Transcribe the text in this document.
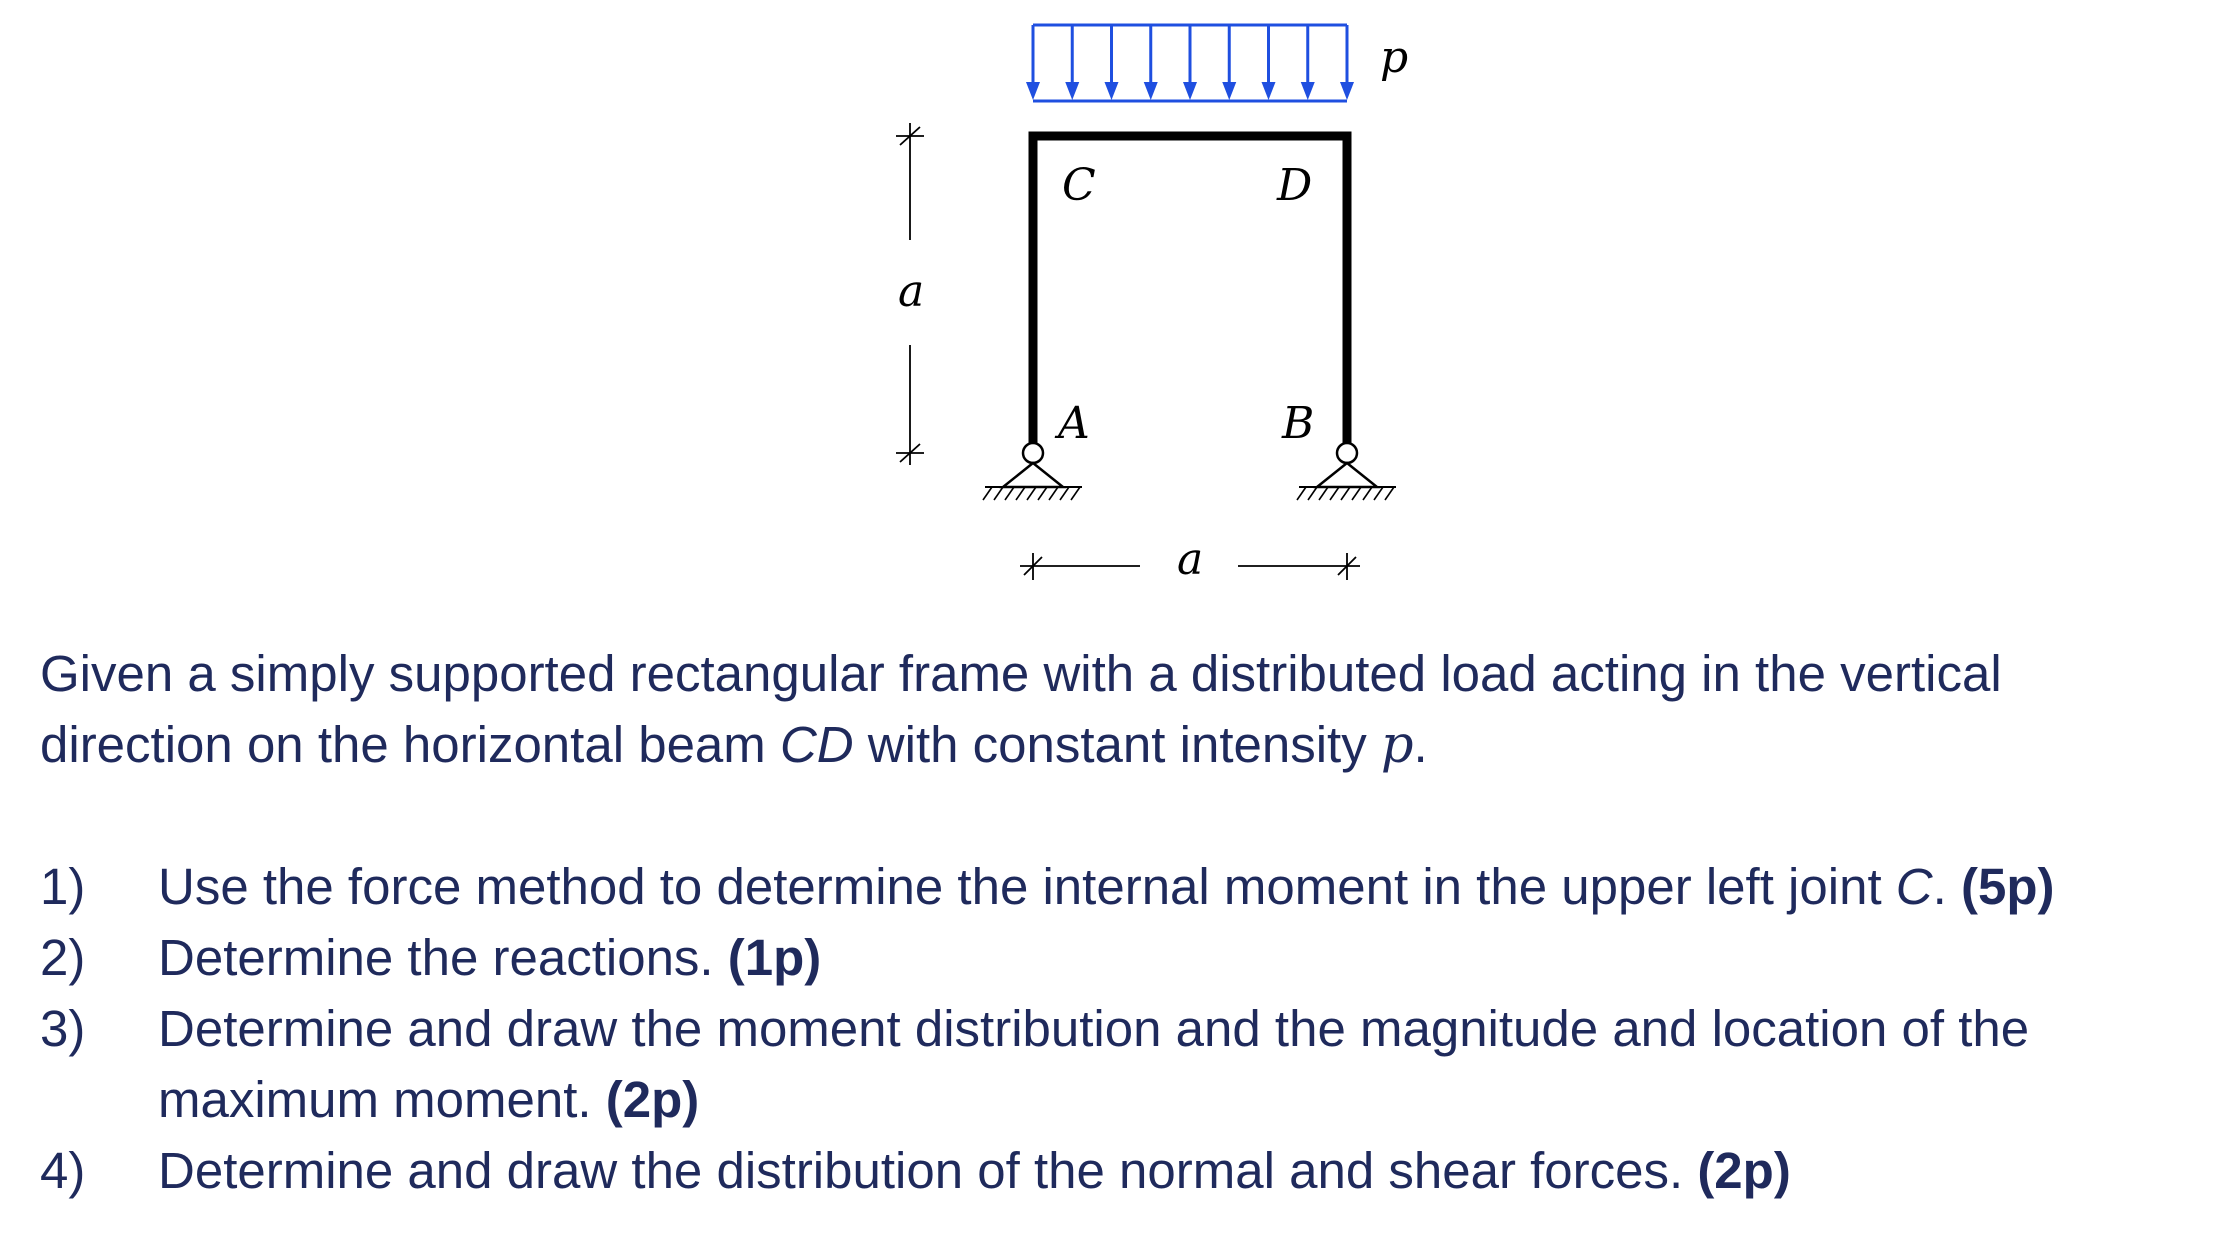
p
C	D
A	B
a
a

Given a simply supported rectangular frame with a distributed load acting in the vertical direction on the horizontal beam CD with constant intensity p.

1)	Use the force method to determine the internal moment in the upper left joint C. (5p)
2)	Determine the reactions. (1p)
3)	Determine and draw the moment distribution and the magnitude and location of the maximum moment. (2p)
4)	Determine and draw the distribution of the normal and shear forces. (2p)
